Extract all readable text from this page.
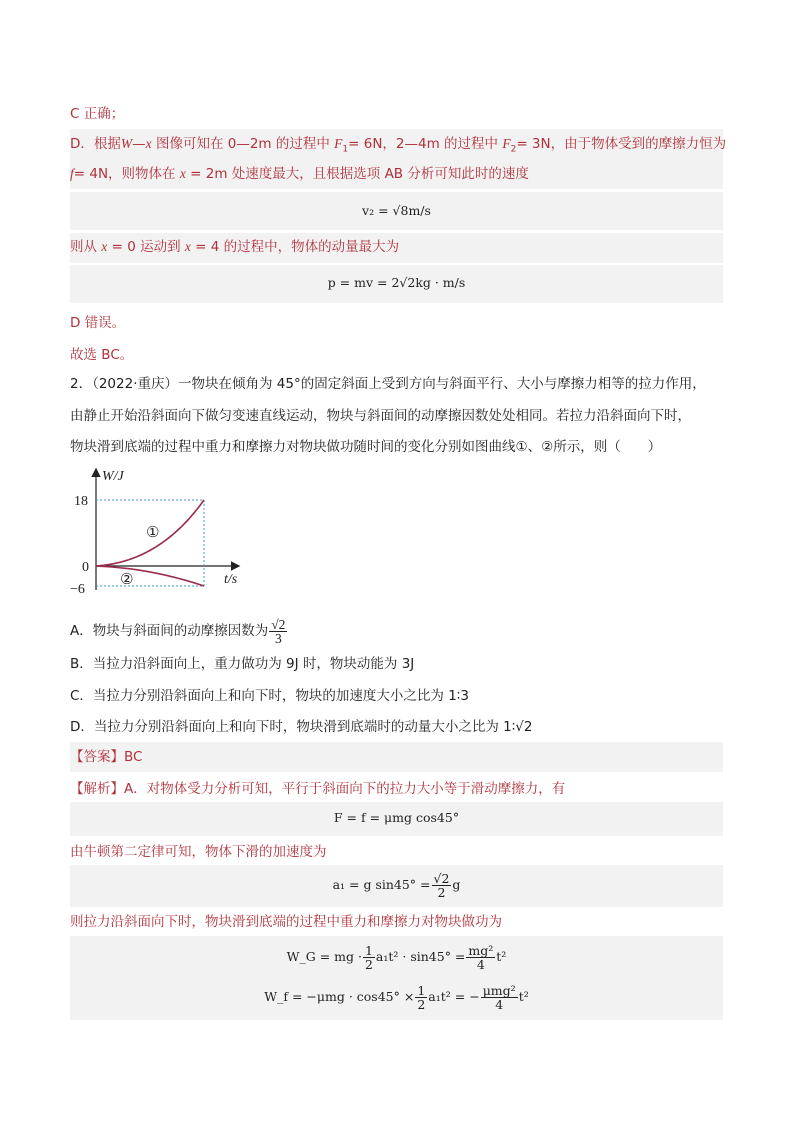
C 正确；
D．根据W—x 图像可知在 0—2m 的过程中 $F_1= 6N$，2—4m 的过程中 $F_2= 3N$，由于物体受到的摩擦力恒为
f= 4N，则物体在 x = 2m 处速度最大，且根据选项 AB 分析可知此时的速度
v₂ = √8m/s
则从 x = 0 运动到 x = 4 的过程中，物体的动量最大为
p = mv = 2√2kg · m/s
D 错误。
故选 BC。
2．（2022·重庆）一物块在倾角为 45°的固定斜面上受到方向与斜面平行、大小与摩擦力相等的拉力作用，
由静止开始沿斜面向下做匀变速直线运动，物块与斜面间的动摩擦因数处处相同。若拉力沿斜面向下时，
物块滑到底端的过程中重力和摩擦力对物块做功随时间的变化分别如图曲线①、②所示，则（　　）
W/J
18
0
−6
t/s
①
②
A．物块与斜面间的动摩擦因数为 $\frac{√2}{3}$
B．当拉力沿斜面向上，重力做功为 9J 时，物块动能为 3J
C．当拉力分别沿斜面向上和向下时，物块的加速度大小之比为 1∶3
D．当拉力分别沿斜面向上和向下时，物块滑到底端时的动量大小之比为 1∶√2
【答案】BC
【解析】A．对物体受力分析可知，平行于斜面向下的拉力大小等于滑动摩擦力，有
F = f = μmg cos45°
由牛顿第二定律可知，物体下滑的加速度为
a₁ = g $\sin 45^\circ = \frac{√2}{2}$ g
则拉力沿斜面向下时，物块滑到底端的过程中重力和摩擦力对物块做功为
W_G = mg · $\frac{1}{2} a_1t^2 \cdot \sin 45^\circ = \frac{\text{mg²}}{4} t^2$
W_f = $-\mu mg \cdot \cos 45^\circ \times \frac{1}{2} a_1t^2$ = − $\frac{\text{μmg²}}{4} t^2$
